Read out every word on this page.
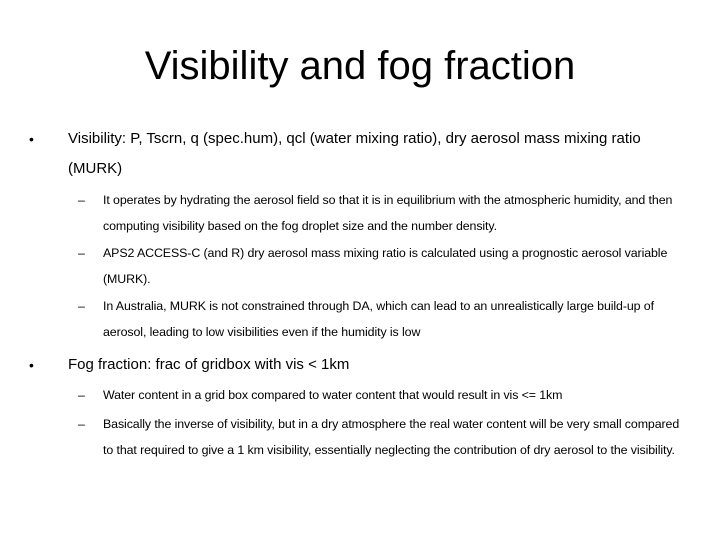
Visibility and fog fraction
• Visibility: P, Tscrn, q (spec.hum), qcl (water mixing ratio), dry aerosol mass mixing ratio (MURK)
– It operates by hydrating the aerosol field so that it is in equilibrium with the atmospheric humidity, and then computing visibility based on the fog droplet size and the number density.
– APS2 ACCESS-C (and R) dry aerosol mass mixing ratio is calculated using a prognostic aerosol variable (MURK).
– In Australia, MURK is not constrained through DA, which can lead to an unrealistically large build-up of aerosol, leading to low visibilities even if the humidity is low
• Fog fraction: frac of gridbox with vis < 1km
– Water content in a grid box compared to water content that would result in vis <= 1km
– Basically the inverse of visibility, but in a dry atmosphere the real water content will be very small compared to that required to give a 1 km visibility, essentially neglecting the contribution of dry aerosol to the visibility.
